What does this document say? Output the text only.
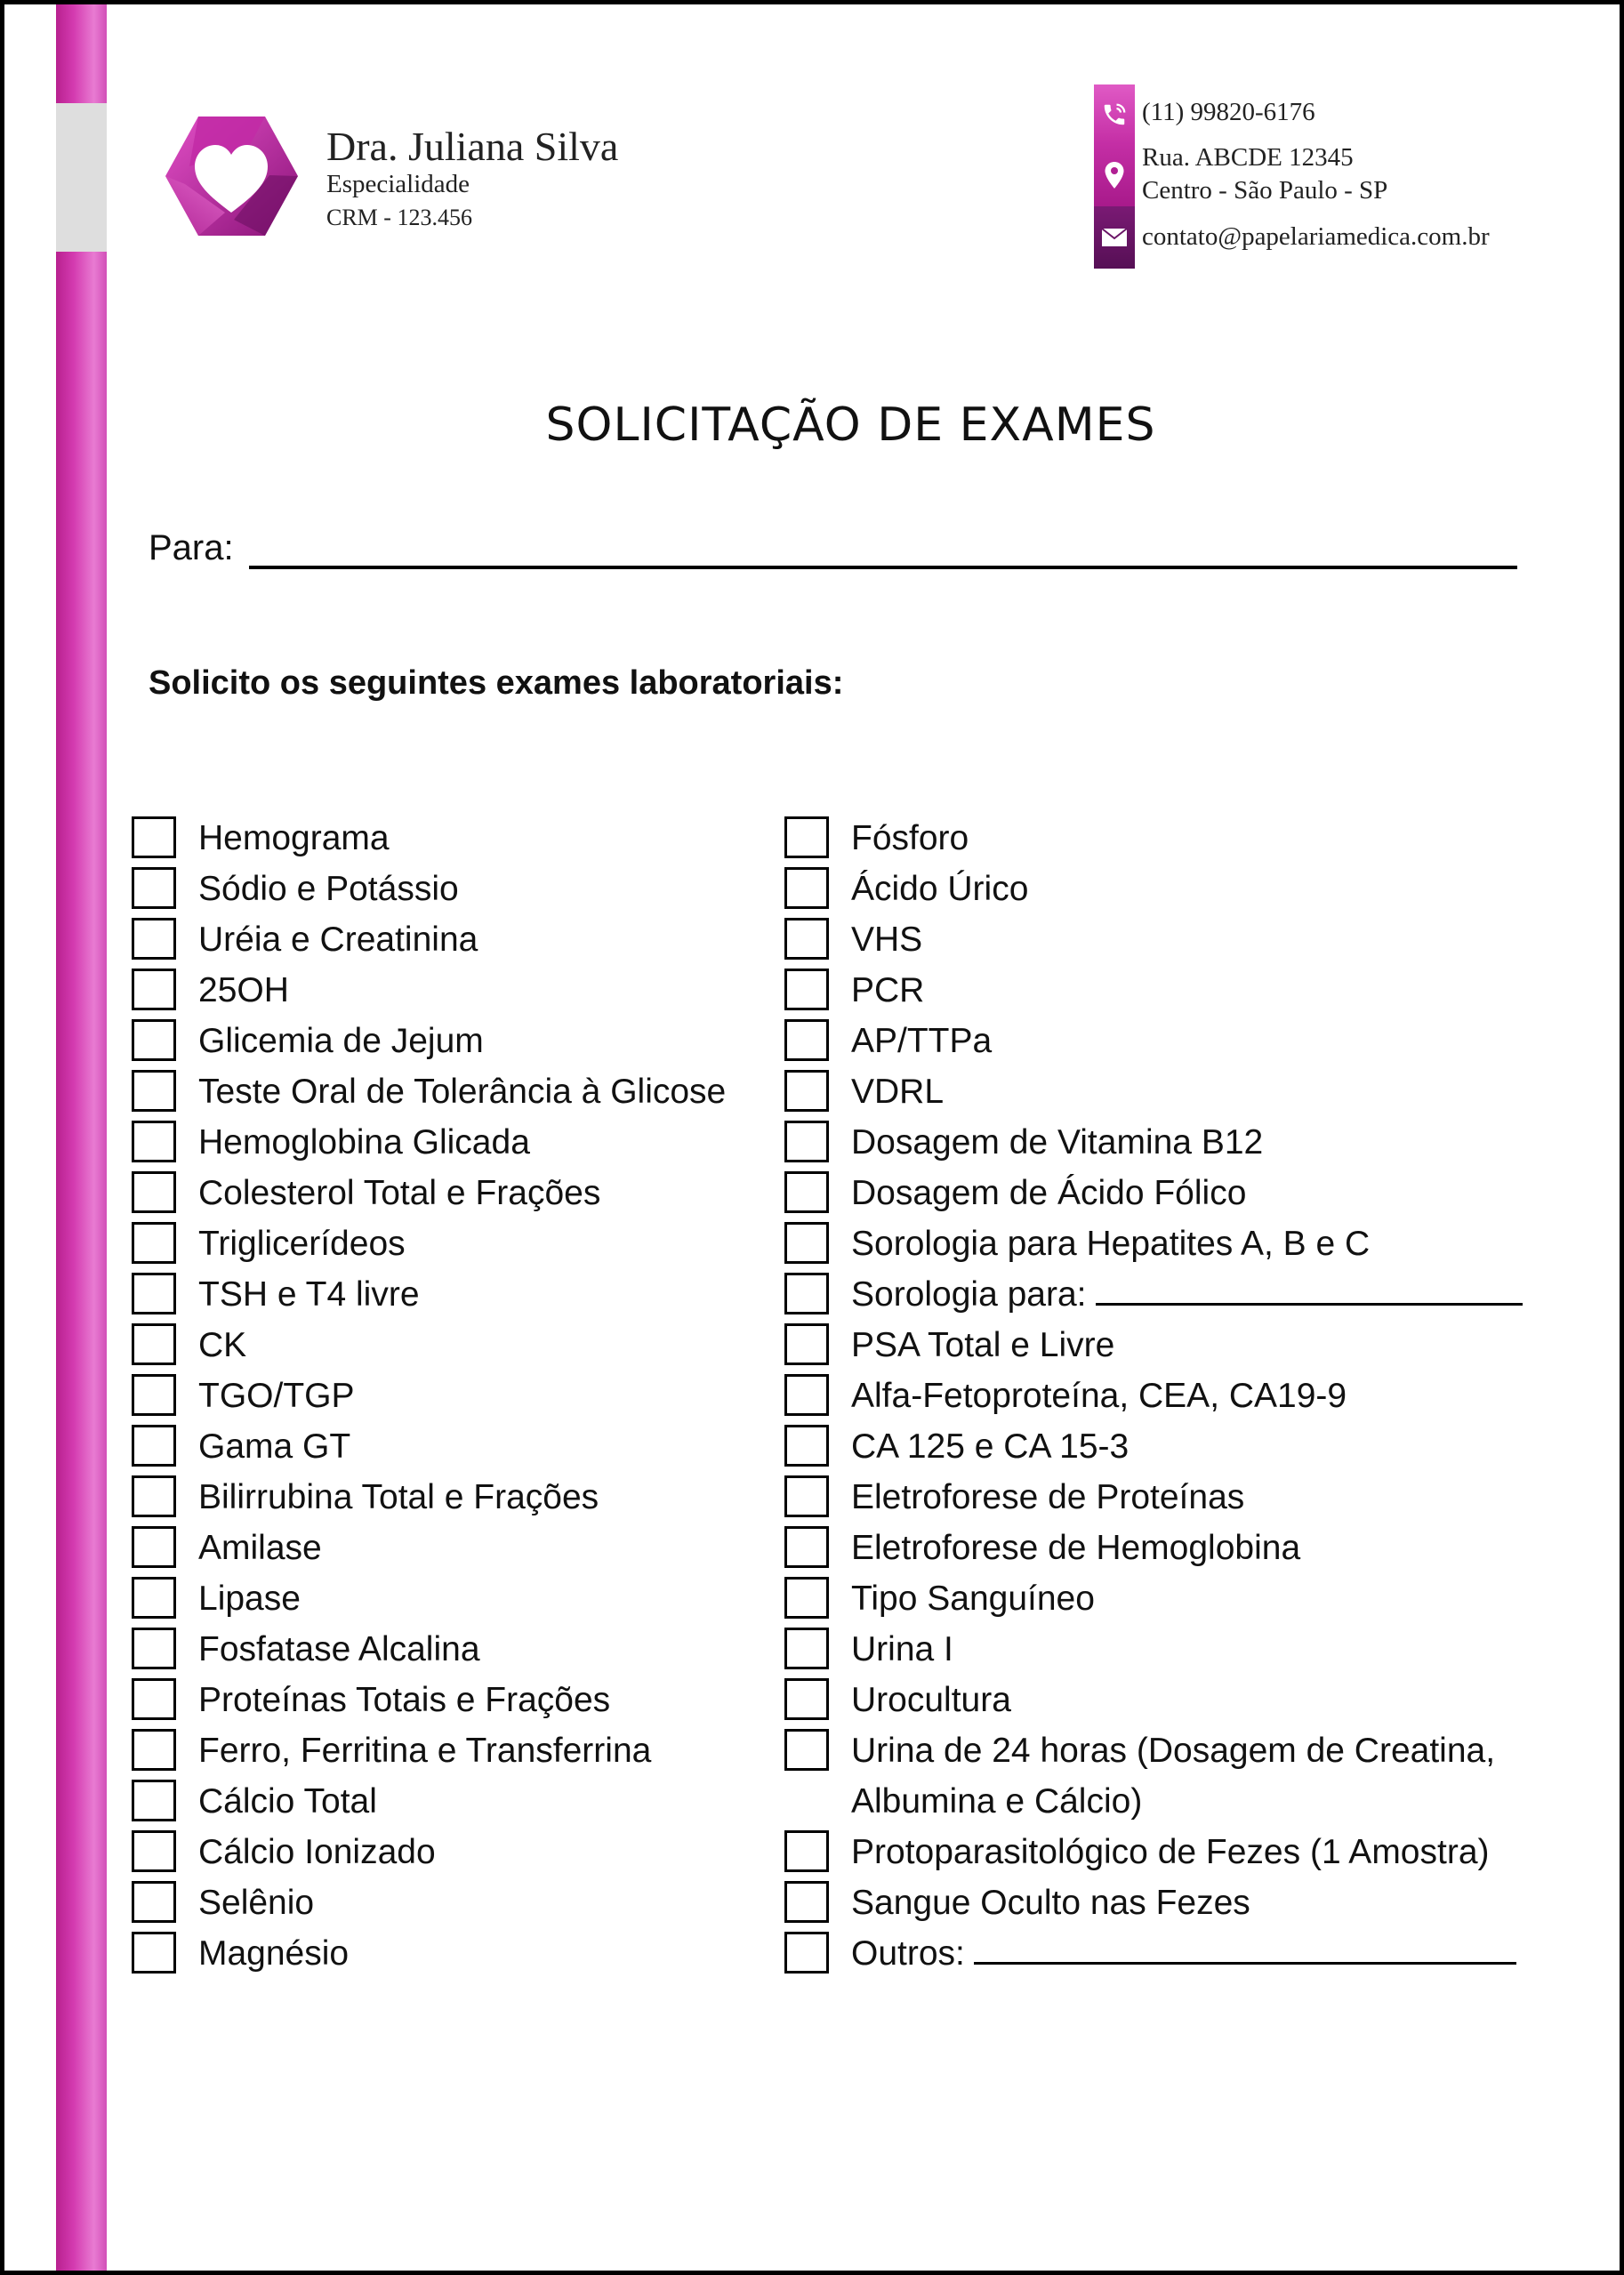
Dra. Juliana Silva
Especialidade
CRM - 123.456
(11) 99820-6176
Rua. ABCDE 12345
Centro - São Paulo - SP
contato@papelariamedica.com.br
SOLICITAÇÃO DE EXAMES
Para:
Solicito os seguintes exames laboratoriais:
Hemograma
Sódio e Potássio
Uréia e Creatinina
25OH
Glicemia de Jejum
Teste Oral de Tolerância à Glicose
Hemoglobina Glicada
Colesterol Total e Frações
Triglicerídeos
TSH e T4 livre
CK
TGO/TGP
Gama GT
Bilirrubina Total e Frações
Amilase
Lipase
Fosfatase Alcalina
Proteínas Totais e Frações
Ferro, Ferritina e Transferrina
Cálcio Total
Cálcio Ionizado
Selênio
Magnésio
Fósforo
Ácido Úrico
VHS
PCR
AP/TTPa
VDRL
Dosagem de Vitamina B12
Dosagem de Ácido Fólico
Sorologia para Hepatites A, B e C
Sorologia para:
PSA Total e Livre
Alfa-Fetoproteína, CEA, CA19-9
CA 125 e CA 15-3
Eletroforese de Proteínas
Eletroforese de Hemoglobina
Tipo Sanguíneo
Urina I
Urocultura
Urina de 24 horas (Dosagem de Creatina,
Albumina e Cálcio)
Protoparasitológico de Fezes (1 Amostra)
Sangue Oculto nas Fezes
Outros:
